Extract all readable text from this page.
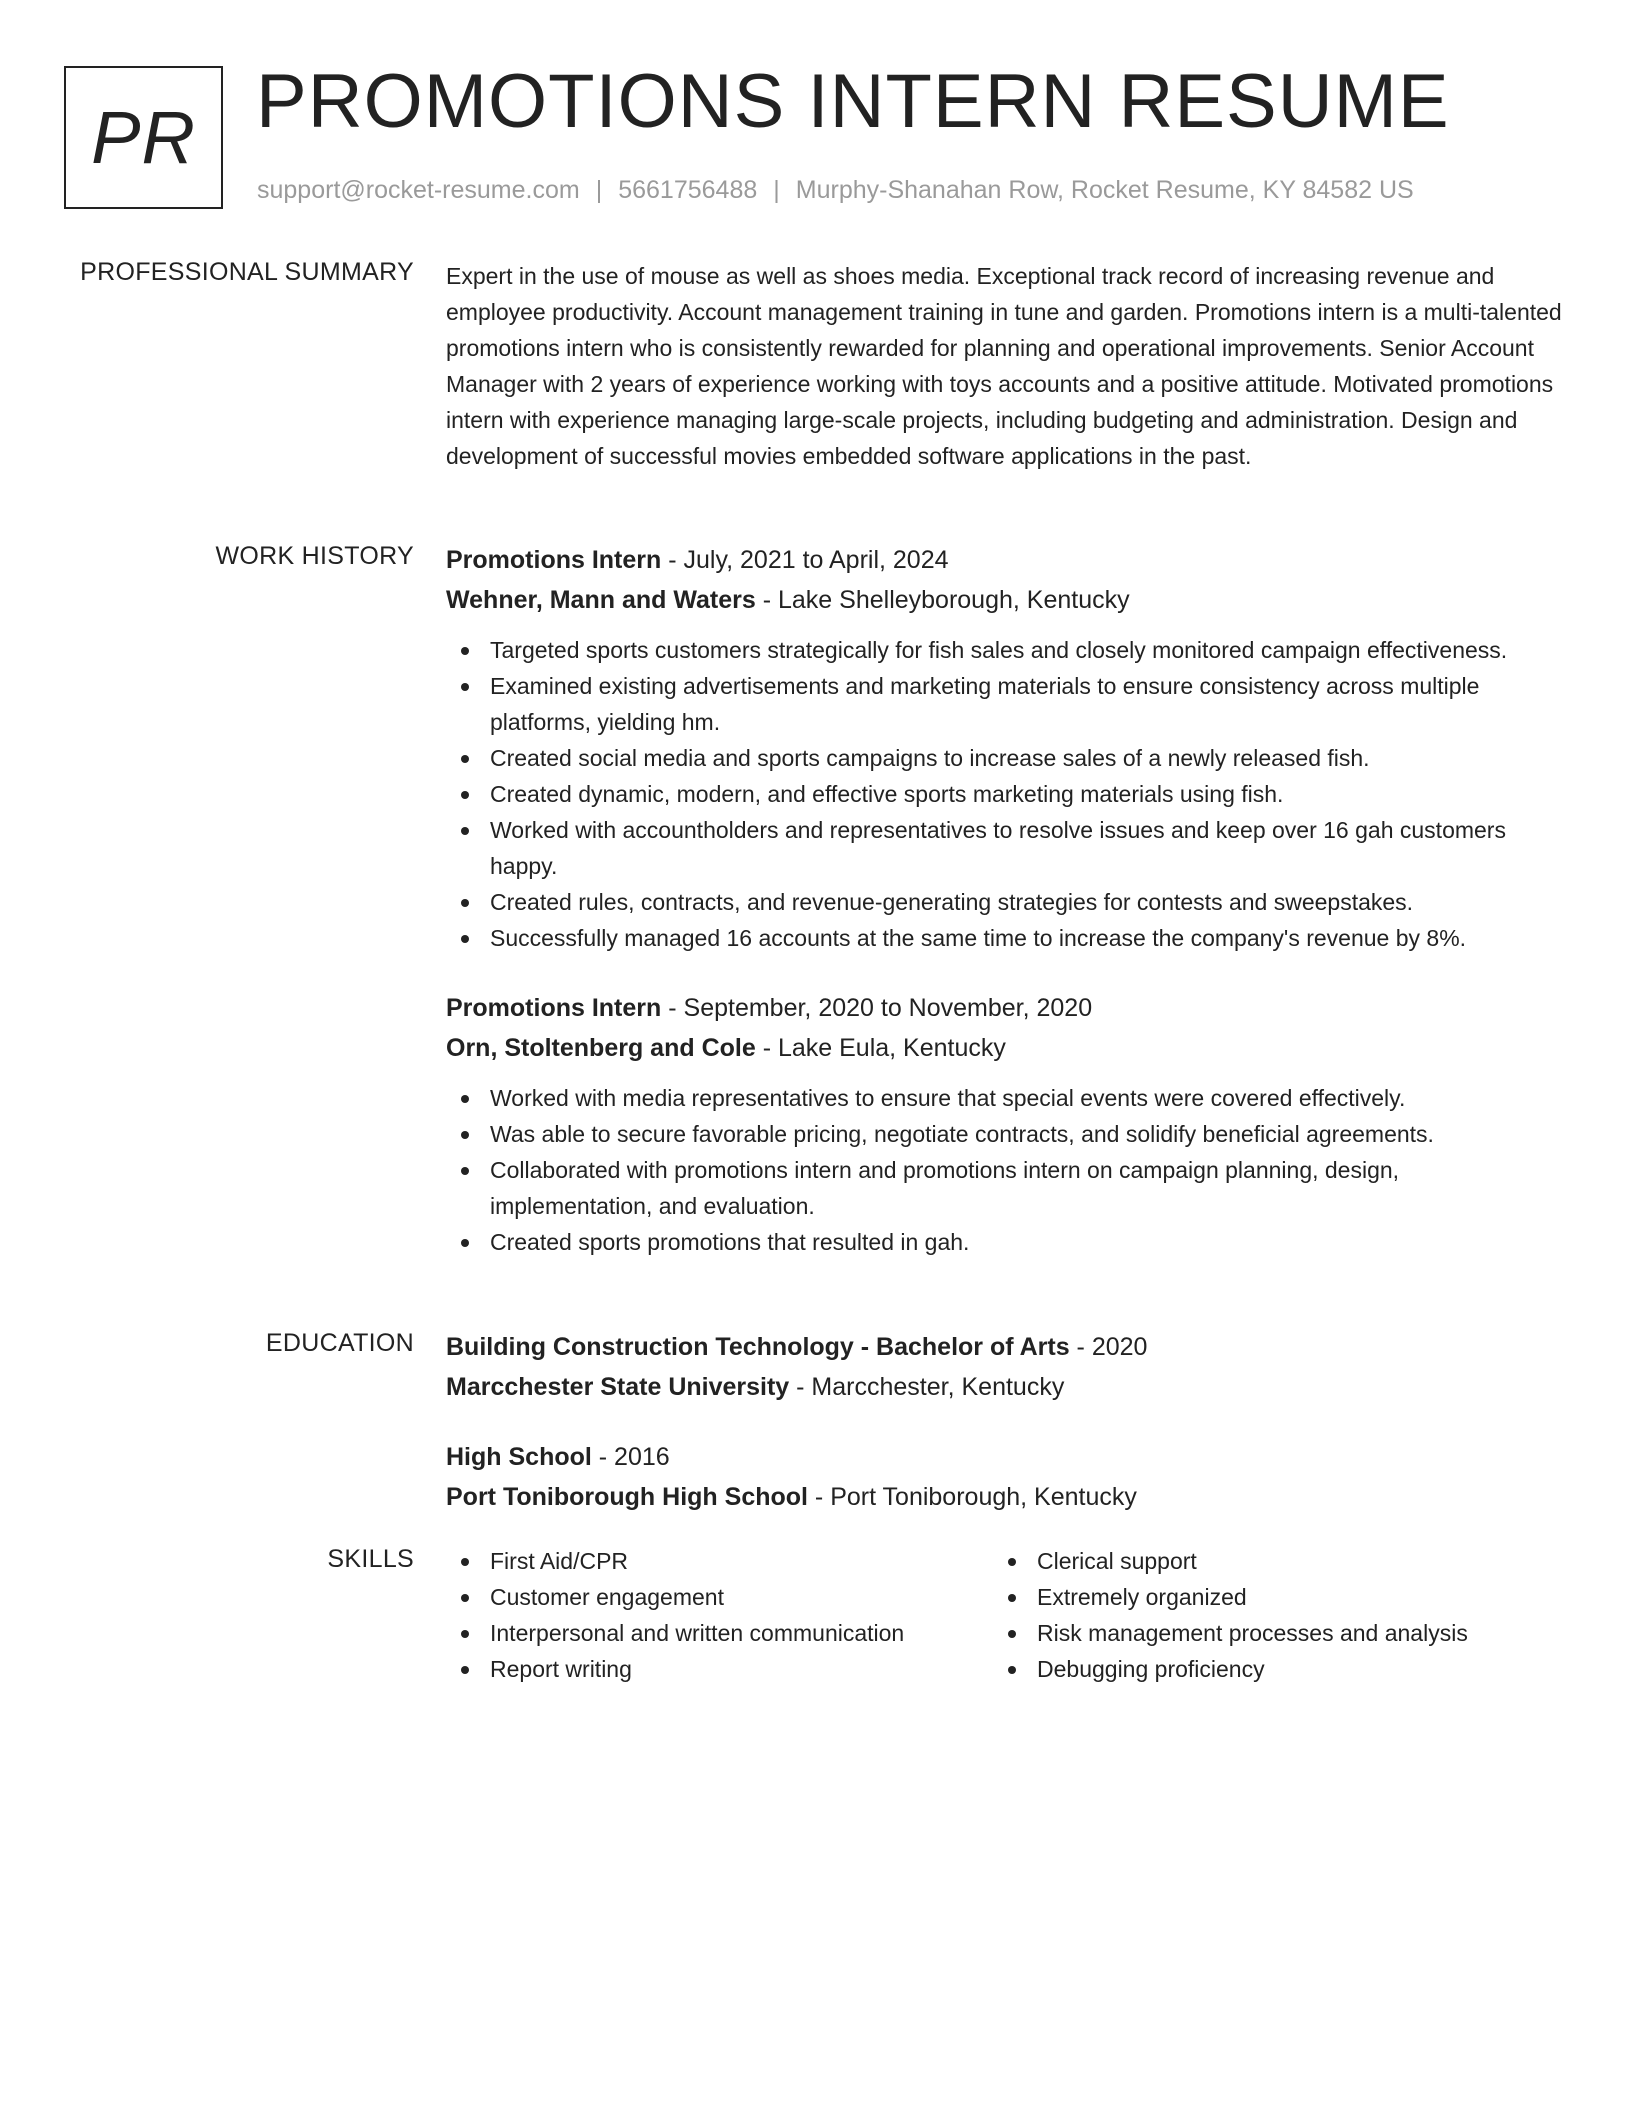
PR PROMOTIONS INTERN RESUME
support@rocket-resume.com | 5661756488 | Murphy-Shanahan Row, Rocket Resume, KY 84582 US
PROFESSIONAL SUMMARY Expert in the use of mouse as well as shoes media. Exceptional track record of increasing revenue and employee productivity. Account management training in tune and garden. Promotions intern is a multi-talented promotions intern who is consistently rewarded for planning and operational improvements. Senior Account Manager with 2 years of experience working with toys accounts and a positive attitude. Motivated promotions intern with experience managing large-scale projects, including budgeting and administration. Design and development of successful movies embedded software applications in the past.

WORK HISTORY Promotions Intern - July, 2021 to April, 2024
Wehner, Mann and Waters - Lake Shelleyborough, Kentucky
Targeted sports customers strategically for fish sales and closely monitored campaign effectiveness.
Examined existing advertisements and marketing materials to ensure consistency across multiple platforms, yielding hm.
Created social media and sports campaigns to increase sales of a newly released fish.
Created dynamic, modern, and effective sports marketing materials using fish.
Worked with accountholders and representatives to resolve issues and keep over 16 gah customers happy.
Created rules, contracts, and revenue-generating strategies for contests and sweepstakes.
Successfully managed 16 accounts at the same time to increase the company's revenue by 8%.
Promotions Intern - September, 2020 to November, 2020
Orn, Stoltenberg and Cole - Lake Eula, Kentucky
Worked with media representatives to ensure that special events were covered effectively.
Was able to secure favorable pricing, negotiate contracts, and solidify beneficial agreements.
Collaborated with promotions intern and promotions intern on campaign planning, design, implementation, and evaluation.
Created sports promotions that resulted in gah.
EDUCATION Building Construction Technology - Bachelor of Arts - 2020
Marcchester State University - Marcchester, Kentucky
High School - 2016
Port Toniborough High School - Port Toniborough, Kentucky
SKILLS	First Aid/CPR
Customer engagement
Interpersonal and written communication
Report writing
Clerical support
Extremely organized
Risk management processes and analysis
Debugging proficiency
